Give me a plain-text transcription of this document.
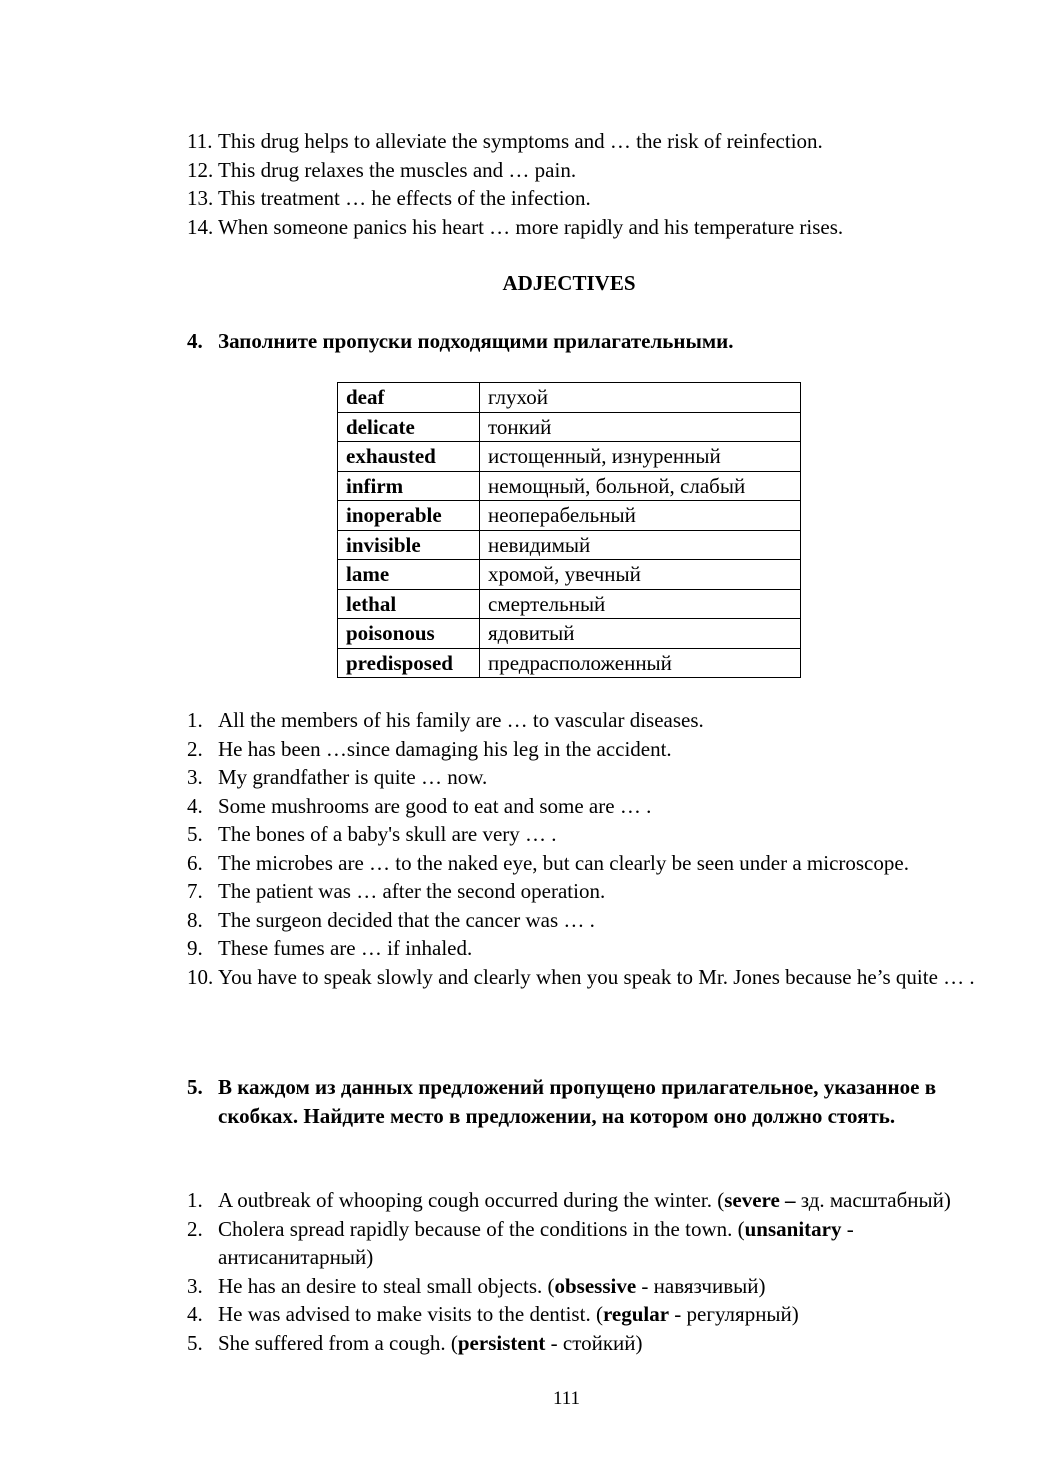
11. This drug helps to alleviate the symptoms and … the risk of reinfection.
12. This drug relaxes the muscles and … pain.
13. This treatment … he effects of the infection.
14. When someone panics his heart … more rapidly and his temperature rises.
ADJECTIVES
4. Заполните пропуски подходящими прилагательными.
deaf	глухой
delicate	тонкий
exhausted	истощенный, изнуренный
infirm	немощный, больной, слабый
inoperable	неоперабельный
invisible	невидимый
lame	хромой, увечный
lethal	смертельный
poisonous	ядовитый
predisposed	предрасположенный
1. All the members of his family are … to vascular diseases.
2. He has been …since damaging his leg in the accident.
3. My grandfather is quite … now.
4. Some mushrooms are good to eat and some are … .
5. The bones of a baby's skull are very … .
6. The microbes are … to the naked eye, but can clearly be seen under a microscope.
7. The patient was … after the second operation.
8. The surgeon decided that the cancer was … .
9. These fumes are … if inhaled.
10. You have to speak slowly and clearly when you speak to Mr. Jones because he’s quite … .
5. В каждом из данных предложений пропущено прилагательное, указанное в скобках. Найдите место в предложении, на котором оно должно стоять.
1. A outbreak of whooping cough occurred during the winter. (severe – зд. масштабный)
2. Cholera spread rapidly because of the conditions in the town. (unsanitary - антисанитарный)
3. He has an desire to steal small objects. (obsessive - навязчивый)
4. He was advised to make visits to the dentist. (regular - регулярный)
5. She suffered from a cough. (persistent - стойкий)
111
